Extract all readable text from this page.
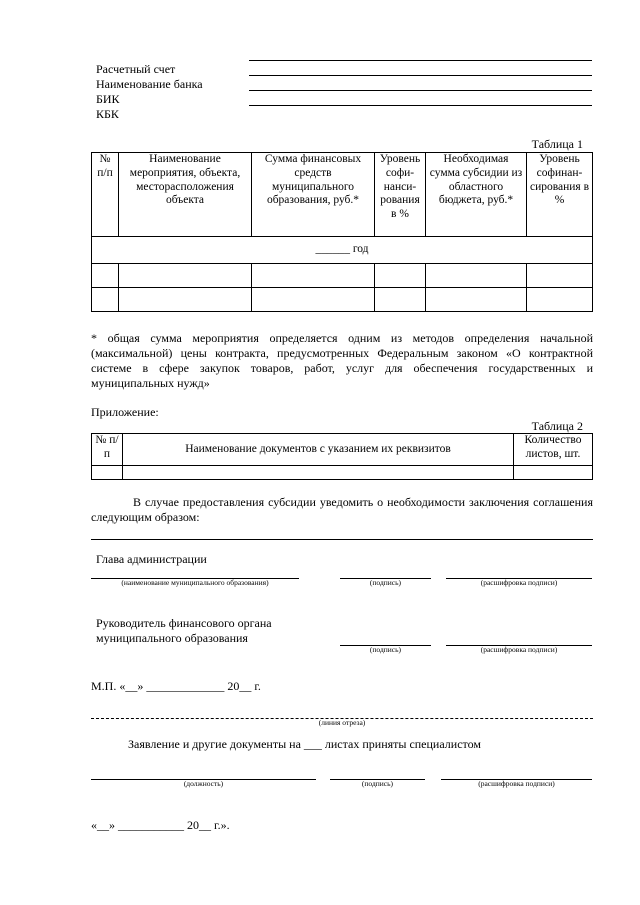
Расчетный счет
Наименование банка
БИК
КБК
Таблица 1
№ п/п	Наименование мероприятия, объекта, месторасположения объекта	Сумма финансовых средств муниципального образования, руб.*	Уровень софи-нанси-рования в %	Необходимая сумма субсидии из областного бюджета, руб.*	Уровень софинан-сирования в %
______ год					

* общая сумма мероприятия определяется одним из методов определения начальной (максимальной) цены контракта, предусмотренных Федеральным законом «О контрактной системе в сфере закупок товаров, работ, услуг для обеспечения государственных и муниципальных нужд»
Приложение:
Таблица 2
№ п/п	Наименование документов с указанием их реквизитов	Количество листов, шт.

В случае предоставления субсидии уведомить о необходимости заключения соглашения следующим образом:
Глава администрации
(наименование муниципального образования)	(подпись)	(расшифровка подписи)
Руководитель финансового органа
муниципального образования
(подпись)	(расшифровка подписи)
М.П. «__» _____________ 20__ г.
(линия отреза)
Заявление и другие документы на ___ листах приняты специалистом
(должность)	(подпись)	(расшифровка подписи)
«__» ___________ 20__ г.».
